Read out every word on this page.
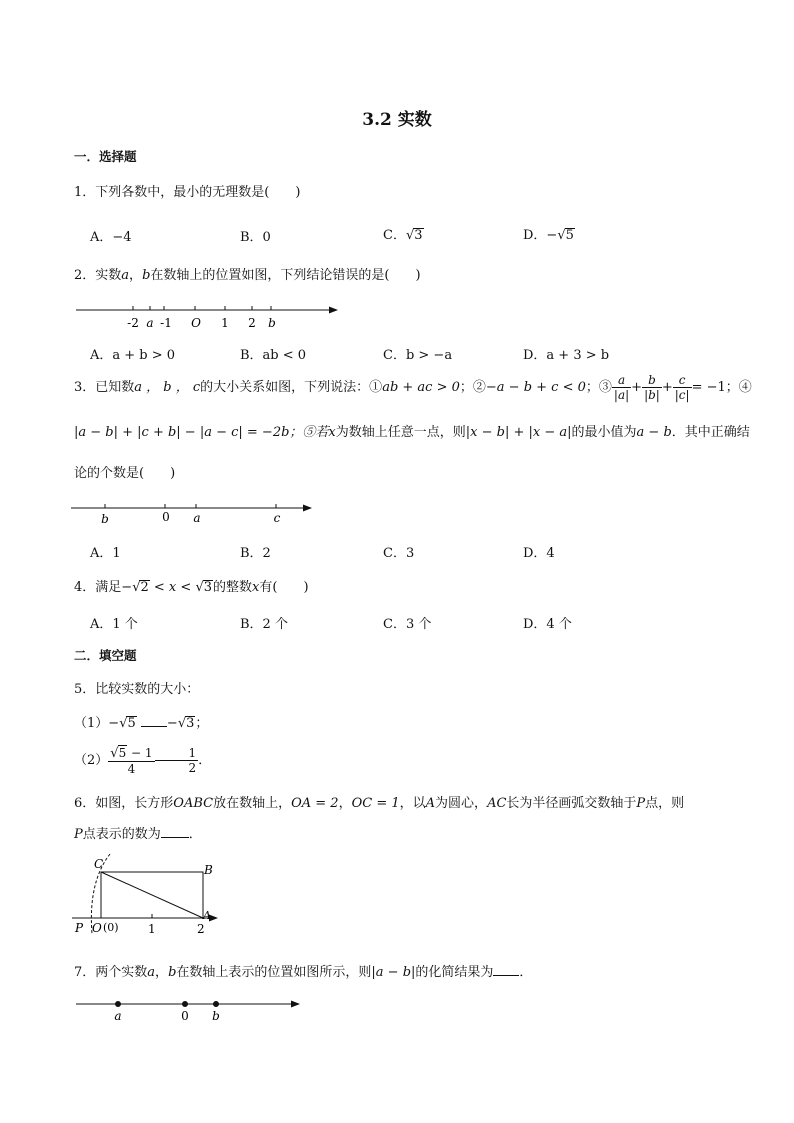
3.2 实数
一．选择题
1．下列各数中，最小的无理数是(　　)
A．−4	B．0	C．√3	D．−√5
2．实数a，b在数轴上的位置如图，下列结论错误的是(　　)
-2 a -1 O 1 2 b
A．a + b > 0	B．ab < 0	C．b > −a	D．a + 3 > b
3．已知数a ， b ， c的大小关系如图，下列说法：①ab + ac > 0；②−a − b + c < 0；③ $\frac{a}{|a|} + \frac{b}{|b|} + \frac{c}{|c|} = -1$；④
|a − b| + |c + b| − |a − c| = −2b；⑤若x为数轴上任意一点，则|x − b| + |x − a|的最小值为a − b．其中正确结
论的个数是(　　)
b	0 a	c
A．1	B．2	C．3	D．4
4．满足−√2 < x < √3的整数x有(　　)
A．1 个	B．2 个	C．3 个	D．4 个
二．填空题
5．比较实数的大小：
（1）−√5 −√3；
$(2) \frac{√5 - 1}{4}$	$\frac{1}{2}$ ．
6．如图，长方形OABC放在数轴上，OA = 2，OC = 1，以A为圆心，AC长为半径画弧交数轴于P点，则
P点表示的数为 ．
C	B
A
P O (0) 1	2
7．两个实数a，b在数轴上表示的位置如图所示，则|a − b|的化简结果为 ．
a	0 b
